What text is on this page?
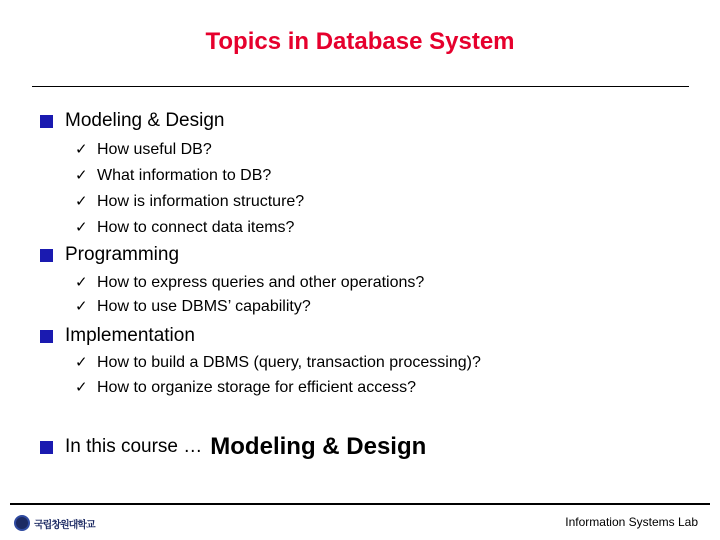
Topics in Database System
Modeling & Design
✓ How useful DB?
✓ What information to DB?
✓ How is information structure?
✓ How to connect data items?
Programming
✓ How to express queries and other operations?
✓ How to use DBMS’ capability?
Implementation
✓ How to build a DBMS (query, transaction processing)?
✓ How to organize storage for efficient access?
In this course … Modeling & Design
국립창원대학교	Information Systems Lab
